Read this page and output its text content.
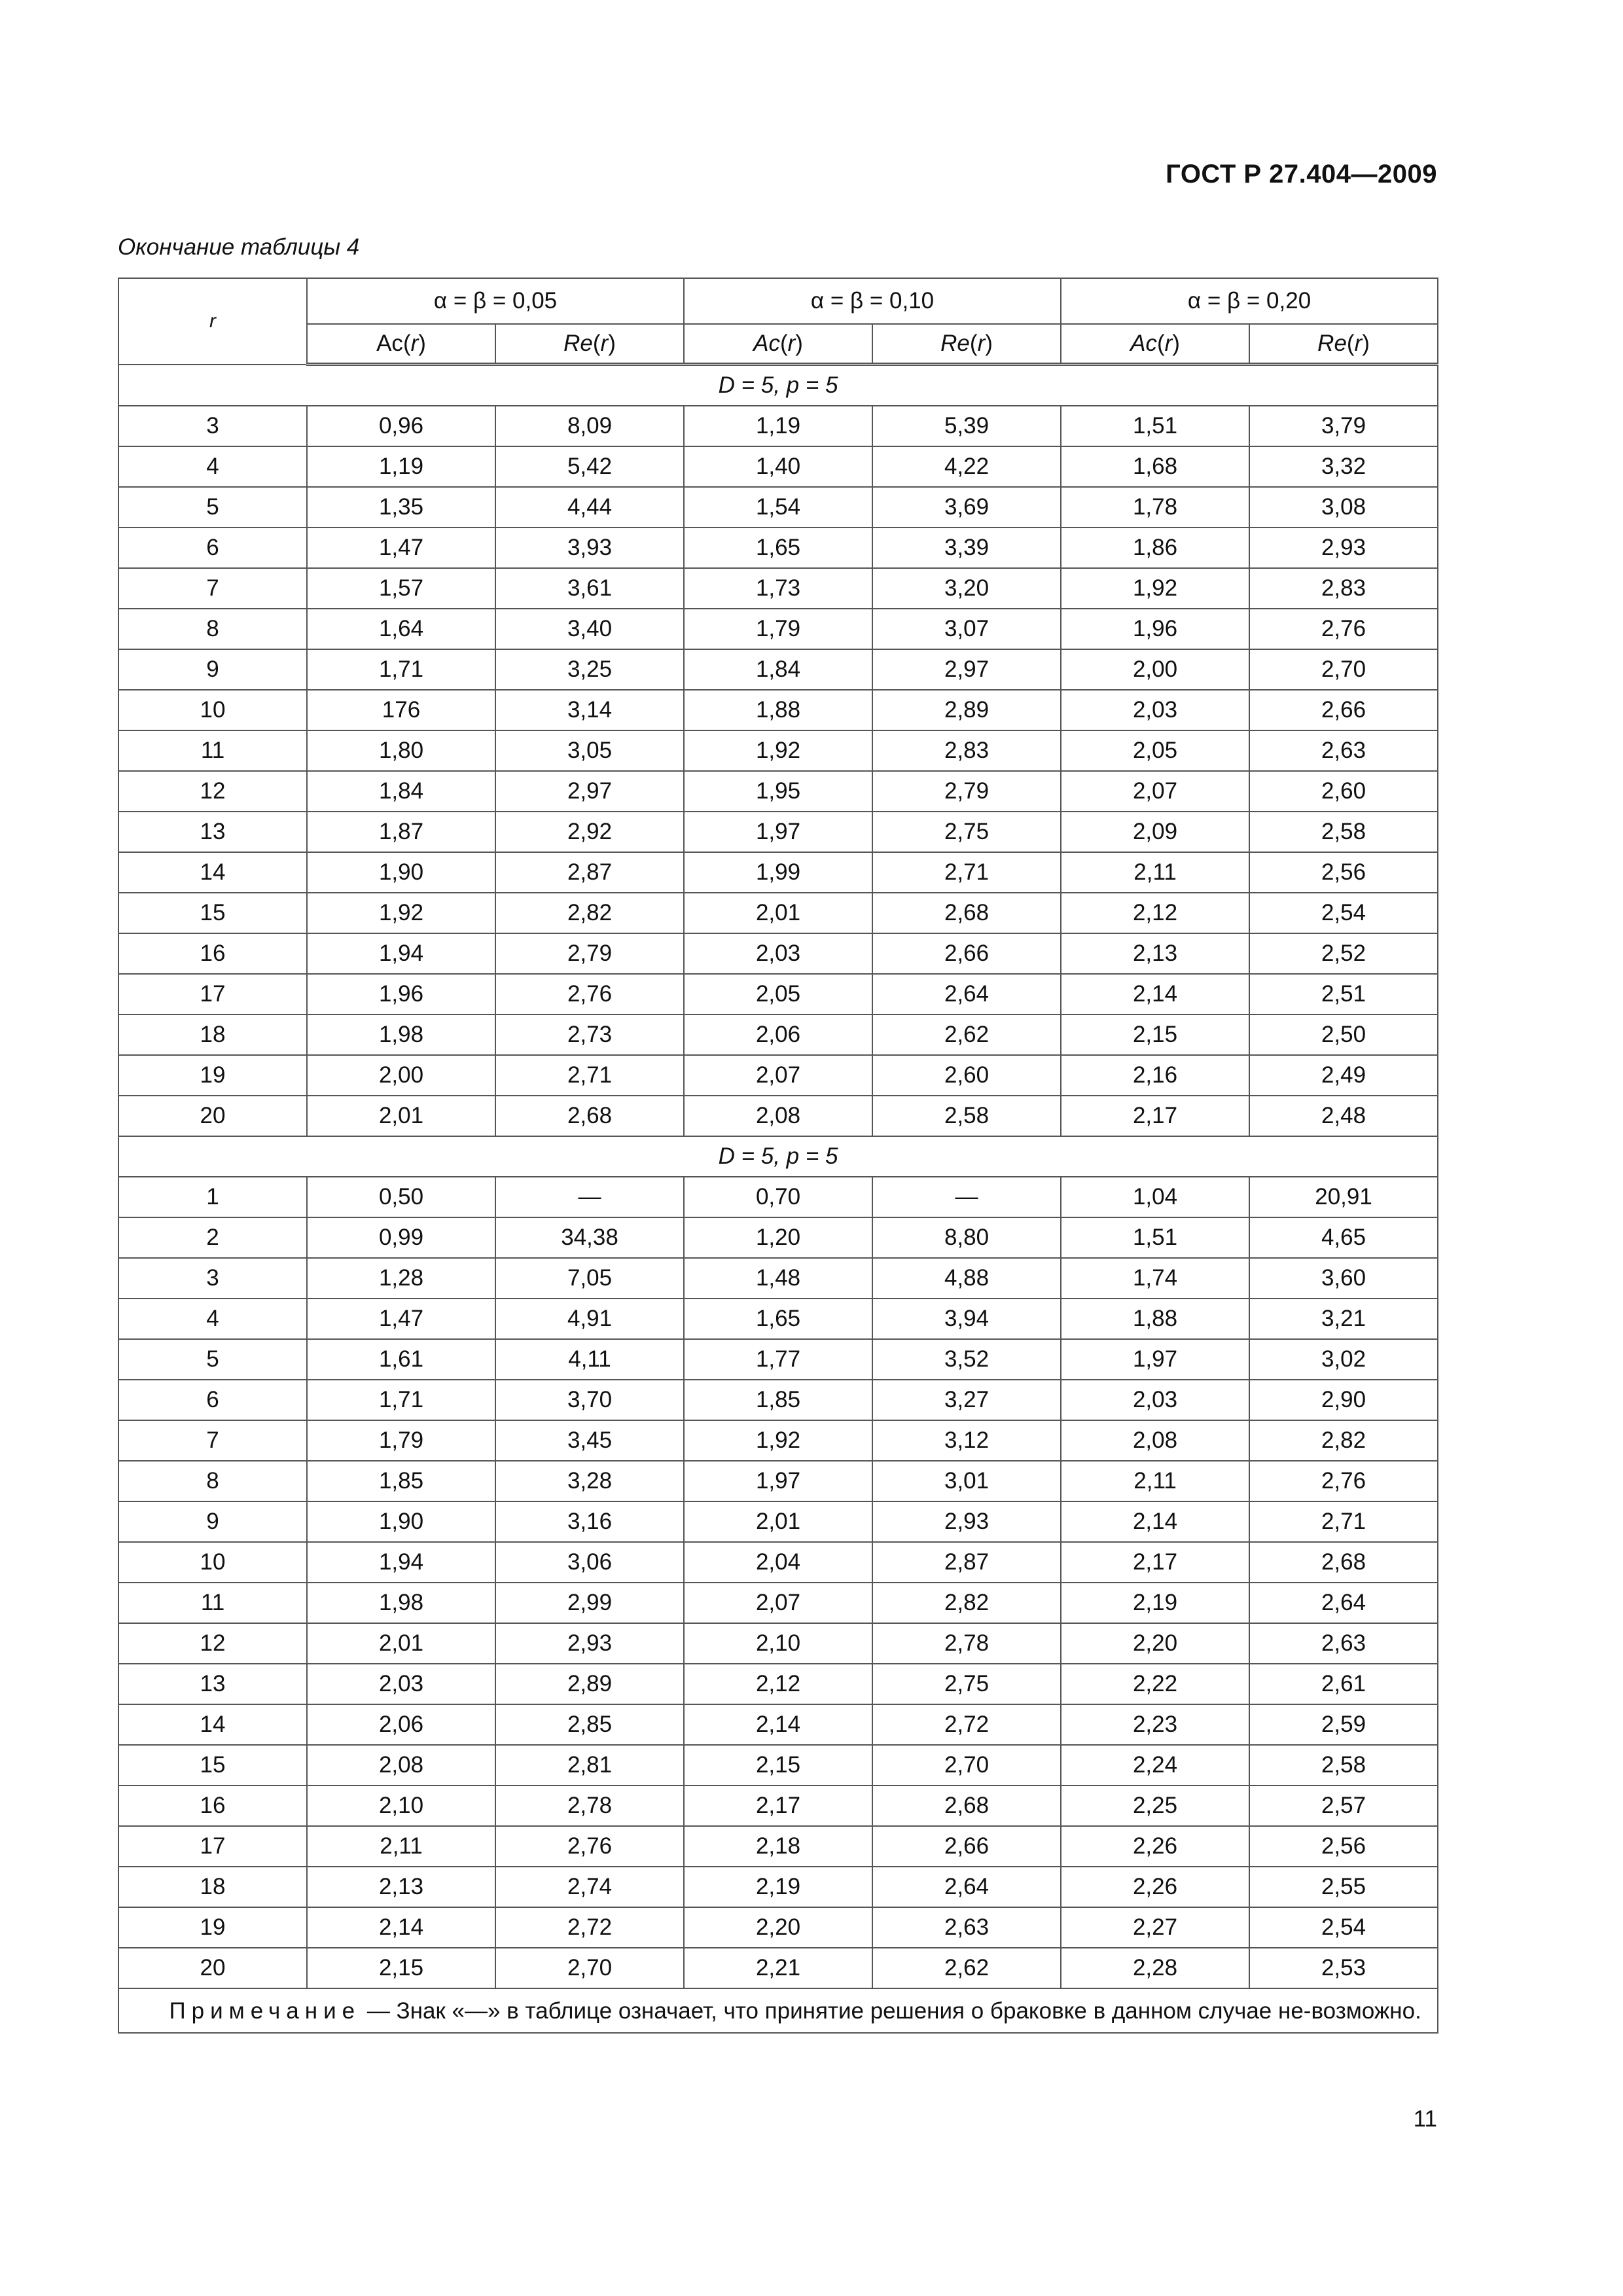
ГОСТ Р 27.404—2009
Окончание таблицы 4
r	α = β = 0,05		α = β = 0,10		α = β = 0,20	
	Ac(r)	Re(r)	Ac(r)	Re(r)	Ac(r)	Re(r)
D = 5, p = 5						
3	0,96	8,09	1,19	5,39	1,51	3,79
4	1,19	5,42	1,40	4,22	1,68	3,32
5	1,35	4,44	1,54	3,69	1,78	3,08
6	1,47	3,93	1,65	3,39	1,86	2,93
7	1,57	3,61	1,73	3,20	1,92	2,83
8	1,64	3,40	1,79	3,07	1,96	2,76
9	1,71	3,25	1,84	2,97	2,00	2,70
10	176	3,14	1,88	2,89	2,03	2,66
11	1,80	3,05	1,92	2,83	2,05	2,63
12	1,84	2,97	1,95	2,79	2,07	2,60
13	1,87	2,92	1,97	2,75	2,09	2,58
14	1,90	2,87	1,99	2,71	2,11	2,56
15	1,92	2,82	2,01	2,68	2,12	2,54
16	1,94	2,79	2,03	2,66	2,13	2,52
17	1,96	2,76	2,05	2,64	2,14	2,51
18	1,98	2,73	2,06	2,62	2,15	2,50
19	2,00	2,71	2,07	2,60	2,16	2,49
20	2,01	2,68	2,08	2,58	2,17	2,48
D = 5, p = 5						
1	0,50	—	0,70	—	1,04	20,91
2	0,99	34,38	1,20	8,80	1,51	4,65
3	1,28	7,05	1,48	4,88	1,74	3,60
4	1,47	4,91	1,65	3,94	1,88	3,21
5	1,61	4,11	1,77	3,52	1,97	3,02
6	1,71	3,70	1,85	3,27	2,03	2,90
7	1,79	3,45	1,92	3,12	2,08	2,82
8	1,85	3,28	1,97	3,01	2,11	2,76
9	1,90	3,16	2,01	2,93	2,14	2,71
10	1,94	3,06	2,04	2,87	2,17	2,68
11	1,98	2,99	2,07	2,82	2,19	2,64
12	2,01	2,93	2,10	2,78	2,20	2,63
13	2,03	2,89	2,12	2,75	2,22	2,61
14	2,06	2,85	2,14	2,72	2,23	2,59
15	2,08	2,81	2,15	2,70	2,24	2,58
16	2,10	2,78	2,17	2,68	2,25	2,57
17	2,11	2,76	2,18	2,66	2,26	2,56
18	2,13	2,74	2,19	2,64	2,26	2,55
19	2,14	2,72	2,20	2,63	2,27	2,54
20	2,15	2,70	2,21	2,62	2,28	2,53
  Примечание — Знак «—» в таблице означает, что принятие решения о браковке в данном случае не-возможно.						
11
